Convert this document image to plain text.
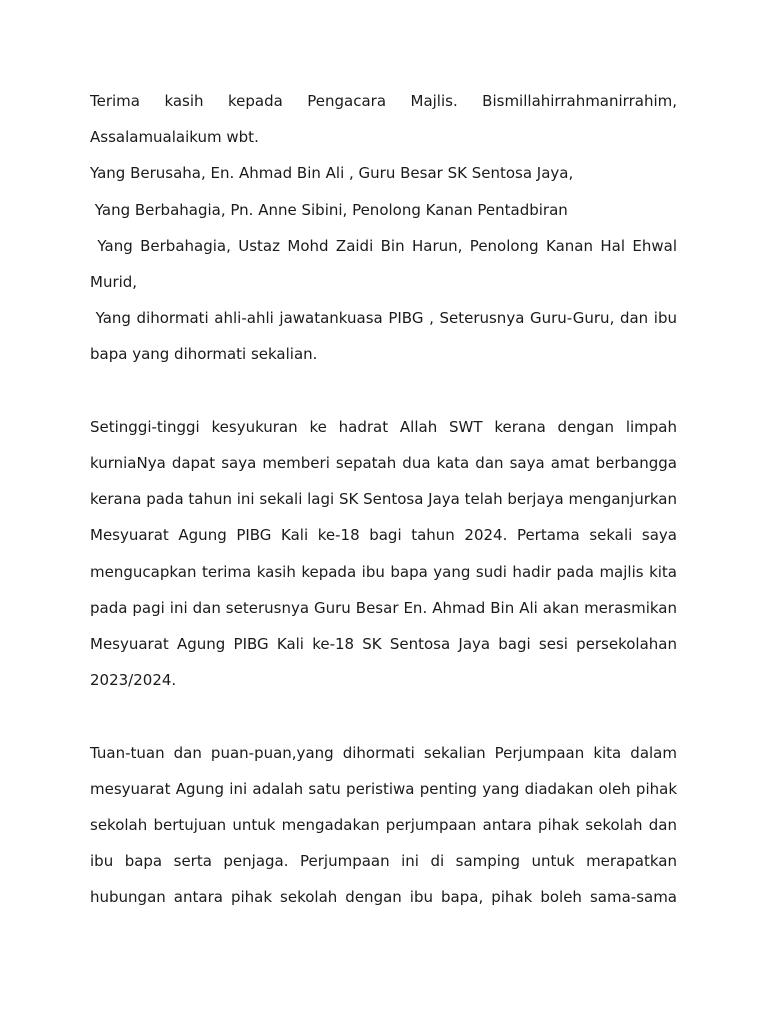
Terima kasih kepada Pengacara Majlis. Bismillahirrahmanirrahim, Assalamualaikum wbt.

Yang Berusaha, En. Ahmad Bin Ali , Guru Besar SK Sentosa Jaya,

Yang Berbahagia, Pn. Anne Sibini, Penolong Kanan Pentadbiran

Yang Berbahagia, Ustaz Mohd Zaidi Bin Harun, Penolong Kanan Hal Ehwal Murid,

Yang dihormati ahli-ahli jawatankuasa PIBG , Seterusnya Guru-Guru, dan ibu bapa yang dihormati sekalian.

Setinggi-tinggi kesyukuran ke hadrat Allah SWT kerana dengan limpah kurniaNya dapat saya memberi sepatah dua kata dan saya amat berbangga kerana pada tahun ini sekali lagi SK Sentosa Jaya telah berjaya menganjurkan Mesyuarat Agung PIBG Kali ke-18 bagi tahun 2024. Pertama sekali saya mengucapkan terima kasih kepada ibu bapa yang sudi hadir pada majlis kita pada pagi ini dan seterusnya Guru Besar En. Ahmad Bin Ali akan merasmikan Mesyuarat Agung PIBG Kali ke-18 SK Sentosa Jaya bagi sesi persekolahan 2023/2024.

Tuan-tuan dan puan-puan,yang dihormati sekalian Perjumpaan kita dalam mesyuarat Agung ini adalah satu peristiwa penting yang diadakan oleh pihak sekolah bertujuan untuk mengadakan perjumpaan antara pihak sekolah dan ibu bapa serta penjaga. Perjumpaan ini di samping untuk merapatkan hubungan antara pihak sekolah dengan ibu bapa, pihak boleh sama-sama
